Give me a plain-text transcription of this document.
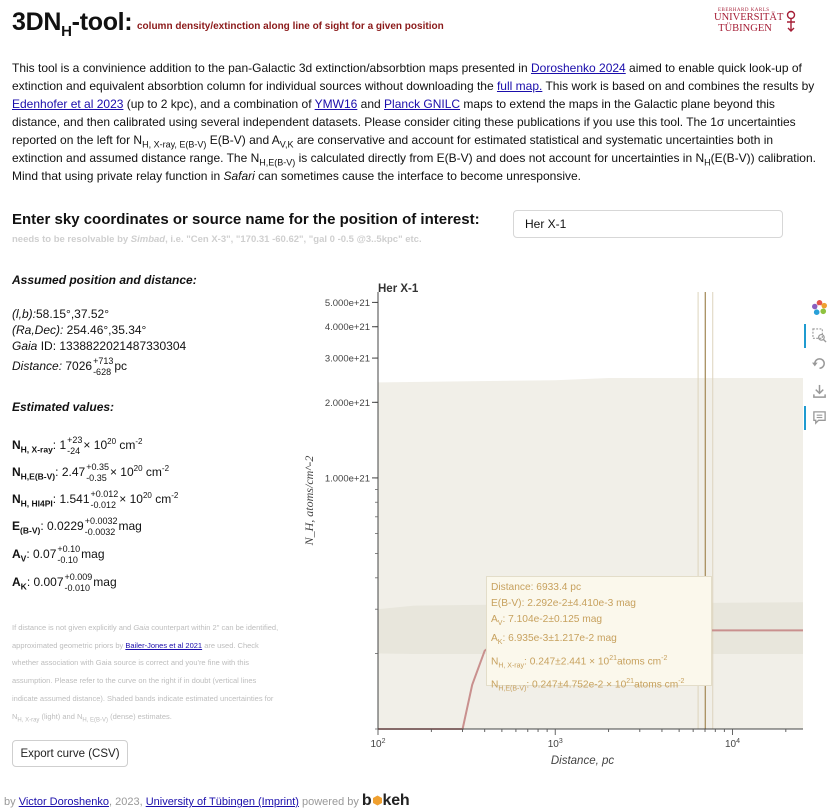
$3DN_H$-tool: column density/extinction along line of sight for a given position
EBERHARD KARLS
UNIVERSITÄT
TÜBINGEN
This tool is a convinience addition to the pan-Galactic 3d extinction/absorbtion maps presented in Doroshenko 2024 aimed to enable quick look-up of extinction and equivalent absorbtion column for individual sources without downloading the full map. This work is based on and combines the results by Edenhofer et al 2023 (up to 2 kpc), and a combination of YMW16 and Planck GNILC maps to extend the maps in the Galactic plane beyond this distance, and then calibrated using several independent datasets. Please consider citing these publications if you use this tool. The 1σ uncertainties reported on the left for $N_{H, X-ray, E(B-V)}$ E(B-V) and $A_{V,K}$ are conservative and account for estimated statistical and systematic uncertainties both in extinction and assumed distance range. The $N_{H,E(B-V)}$ is calculated directly from E(B-V) and does not account for uncertainties in $N_H(E(B-V))$ calibration. Mind that using private relay function in Safari can sometimes cause the interface to become unresponsive.
Enter sky coordinates or source name for the position of interest:
needs to be resolvable by Simbad, i.e. "Cen X-3", "170.31 -60.62", "gal 0 -0.5 @3..5kpc" etc.
Her X-1
Assumed position and distance:
(l,b):58.15°,37.52°
(Ra,Dec): 254.46°,35.34°
Gaia ID: 1338822021487330304
Distance: 7026 +713
-628 pc
Estimated values:
$N_{H, X-ray}$: 1 +23
$-24 \times 10^{20}$ $cm^{-2}$
$N_{H,E(B-V)}$: 2.47 +0.35
$-0.35 \times 10^{20}$ $cm^{-2}$
$N_{H, HI4PI}$: 1.541 +0.012
$-0.012 \times 10^{20}$ $cm^{-2}$
$E_{(B-V)}$: 0.0229 +0.0032
-0.0032 mag
$A_V$: 0.07 +0.10
-0.10 mag
$A_K$: 0.007 +0.009
-0.010 mag
If distance is not given explicitly and Gaia counterpart within 2" can be identified, approximated geometric priors by Bailer-Jones et al 2021 are used. Check whether association with Gaia source is correct and you're fine with this assumption. Please refer to the curve on the right if in doubt (vertical lines indicate assumed distance). Shaded bands indicate estimated uncertainties for $N_{H, X-ray}$ (light) and $N_{H, E(B-V)}$ (dense) estimates.
Export curve (CSV)
by Victor Doroshenko, 2023, University of Tübingen (Imprint) powered by b keh
1.000e+21
2.000e+21
3.000e+21
4.000e+21
5.000e+21
$10^2$	$10^3$	$10^4$
Distance, pc
N_H, atoms/cm^-2
Her X-1
Distance: 6933.4 pc
E(B-V): 2.292e-2±4.410e-3 mag
$A_V$: 7.104e-2±0.125 mag
$A_K$: 6.935e-3±1.217e-2 mag
$N_{H, X-ray}$: $0.247\pm 2.441 \times 10^{21}atoms$ $cm^{-2}$
$N_{H,E(B-V)}$: $0.247\pm 4.752e-2 \times 10^{21}atoms$ $cm^{-2}$
